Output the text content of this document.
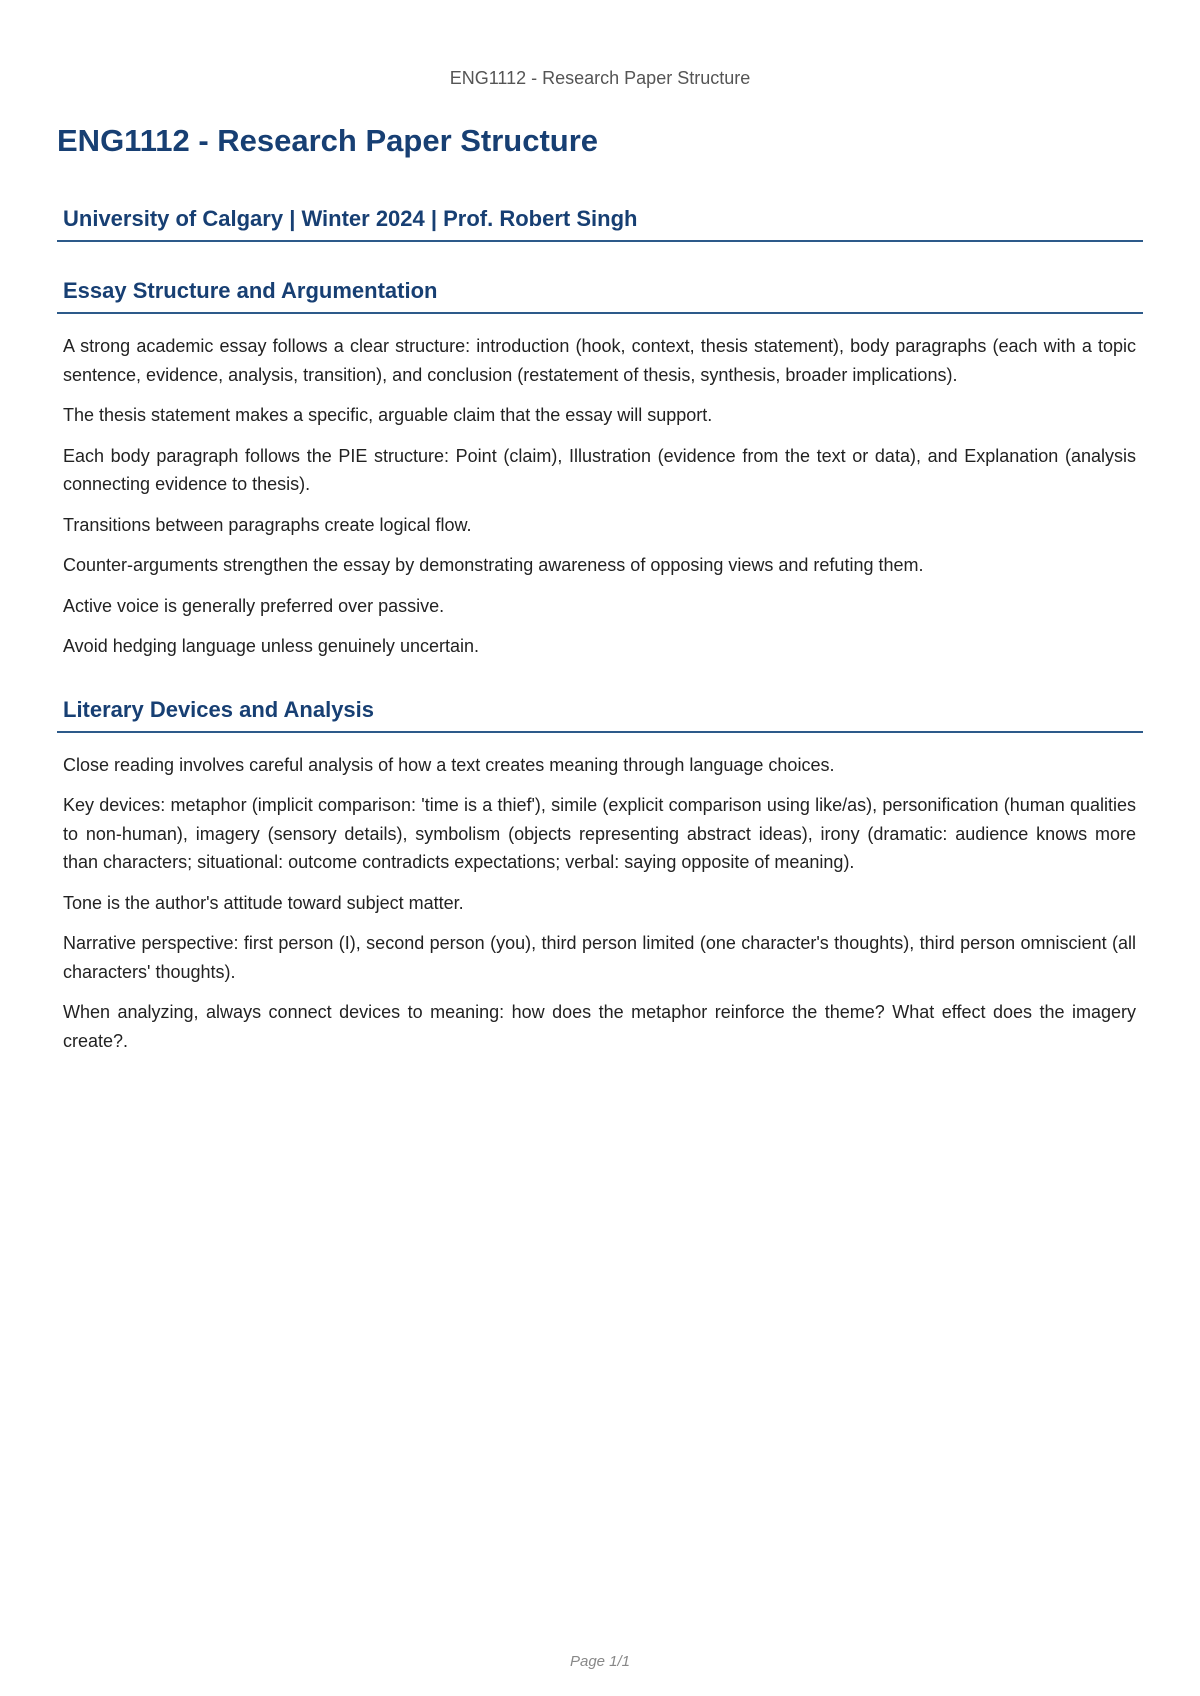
ENG1112 - Research Paper Structure
ENG1112 - Research Paper Structure
University of Calgary | Winter 2024 | Prof. Robert Singh
Essay Structure and Argumentation

A strong academic essay follows a clear structure: introduction (hook, context, thesis statement), body paragraphs (each with a topic sentence, evidence, analysis, transition), and conclusion (restatement of thesis, synthesis, broader implications).

The thesis statement makes a specific, arguable claim that the essay will support.

Each body paragraph follows the PIE structure: Point (claim), Illustration (evidence from the text or data), and Explanation (analysis connecting evidence to thesis).

Transitions between paragraphs create logical flow.

Counter-arguments strengthen the essay by demonstrating awareness of opposing views and refuting them.

Active voice is generally preferred over passive.

Avoid hedging language unless genuinely uncertain.

Literary Devices and Analysis

Close reading involves careful analysis of how a text creates meaning through language choices.

Key devices: metaphor (implicit comparison: 'time is a thief'), simile (explicit comparison using like/as), personification (human qualities to non-human), imagery (sensory details), symbolism (objects representing abstract ideas), irony (dramatic: audience knows more than characters; situational: outcome contradicts expectations; verbal: saying opposite of meaning).

Tone is the author's attitude toward subject matter.

Narrative perspective: first person (I), second person (you), third person limited (one character's thoughts), third person omniscient (all characters' thoughts).

When analyzing, always connect devices to meaning: how does the metaphor reinforce the theme? What effect does the imagery create?.

Page 1/1
